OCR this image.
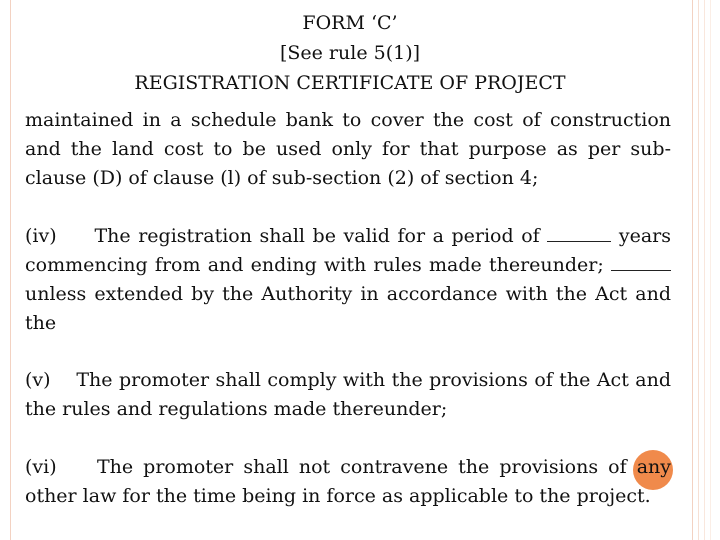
FORM ‘C’
[See rule 5(1)]
REGISTRATION CERTIFICATE OF PROJECT
maintained in a schedule bank to cover the cost of construction and the land cost to be used only for that purpose as per sub-clause (D) of clause (l) of sub-section (2) of section 4;
(iv) The registration shall be valid for a period of	years commencing from and ending with rules made thereunder; unless extended by the Authority in accordance with the Act and the
(v) The promoter shall comply with the provisions of the Act and the rules and regulations made thereunder;
(vi) The promoter shall not contravene the provisions of any other law for the time being in force as applicable to the project.
